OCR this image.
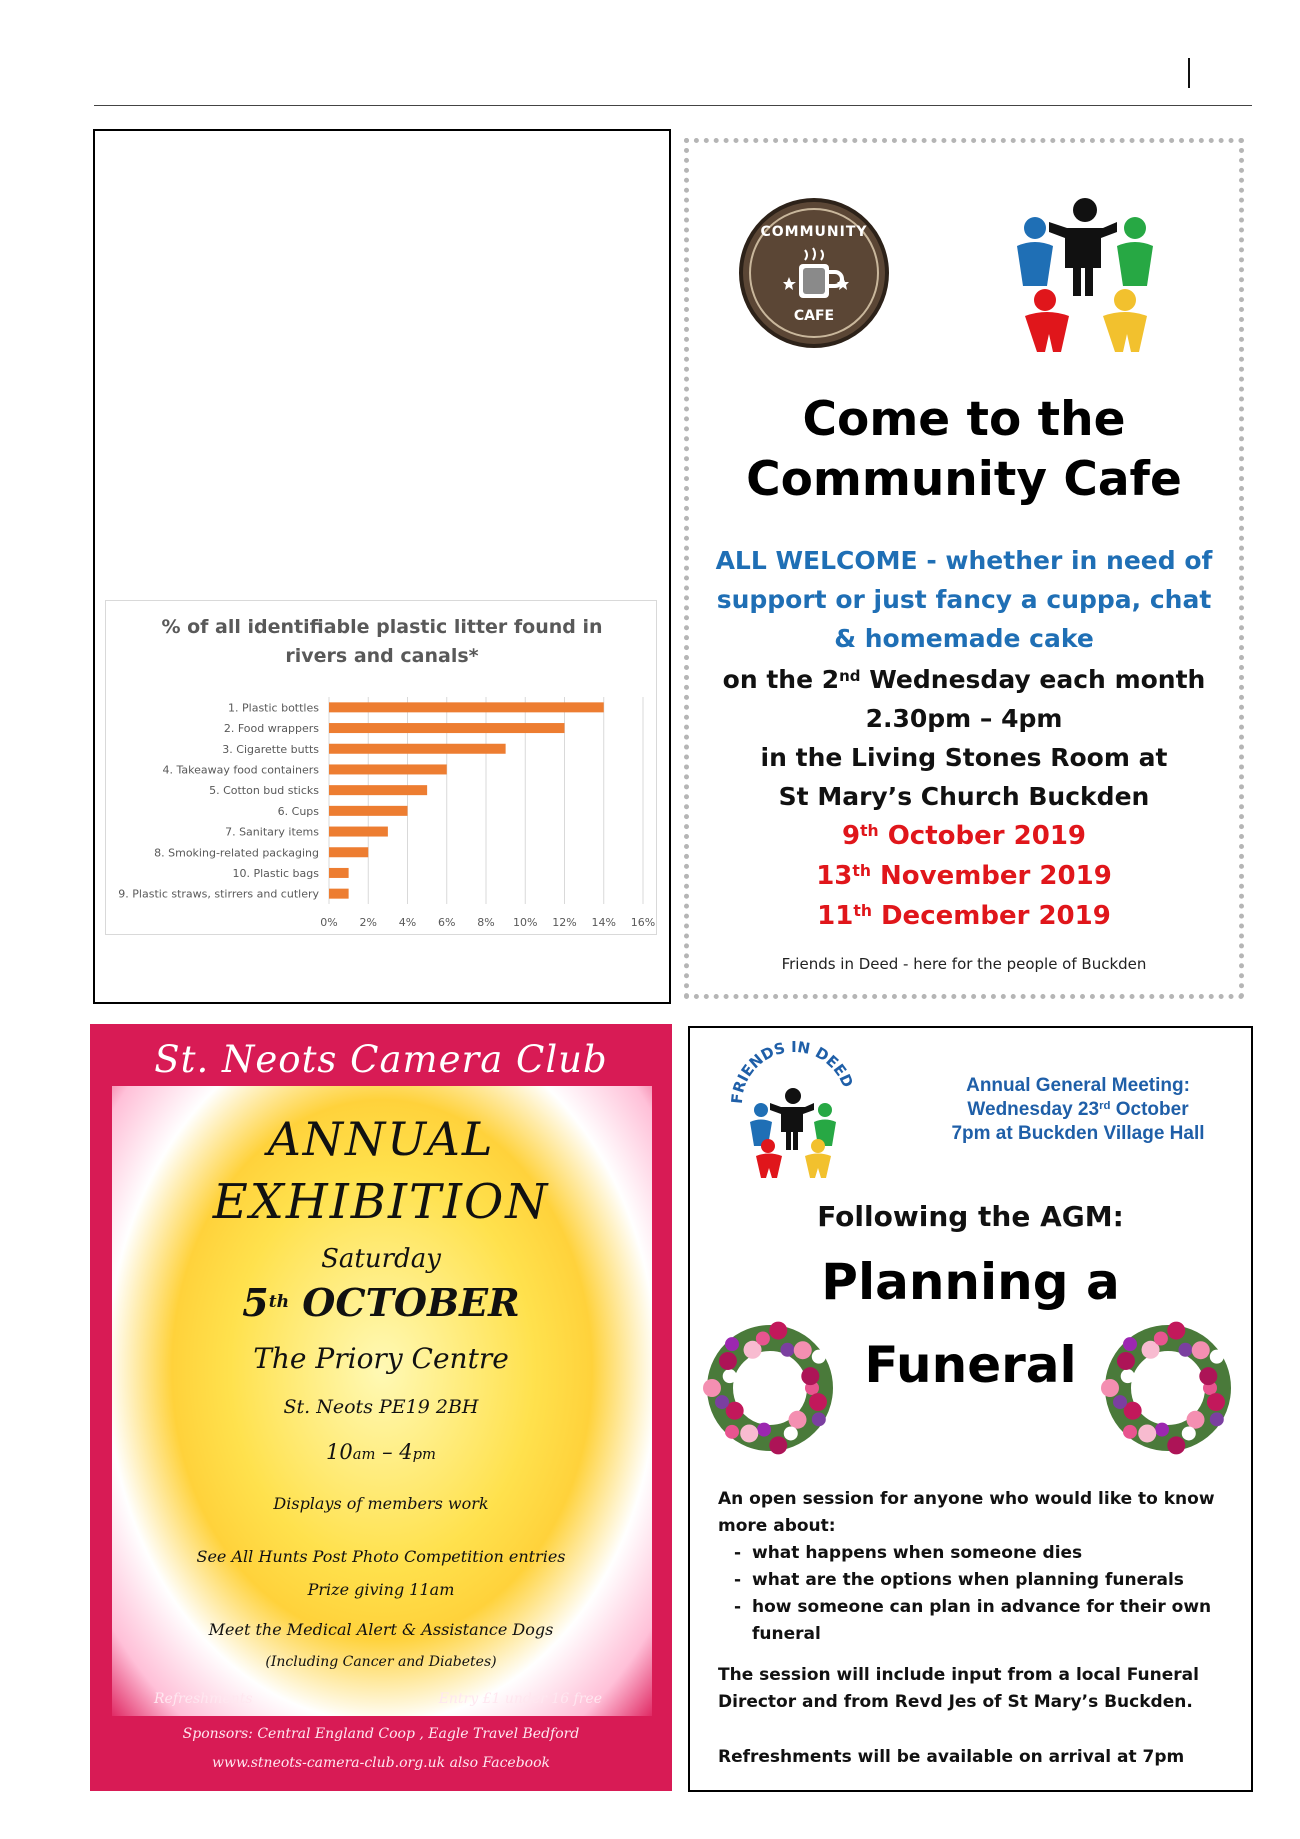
0% 2% 4% 6% 8% 10% 12% 14% 16%
1. Plastic bottles
2. Food wrappers
3. Cigarette butts
4. Takeaway food containers
5. Cotton bud sticks
6. Cups
7. Sanitary items
8. Smoking-related packaging
10. Plastic bags
9. Plastic straws, stirrers and cutlery
% of all identifiable plastic litter found in
rivers and canals*
COMMUNITY
CAFE
Come to the
Community Cafe
ALL WELCOME - whether in need of
support or just fancy a cuppa, chat
& homemade cake
on the 2nd Wednesday each month
2.30pm – 4pm
in the Living Stones Room at
St Mary’s Church Buckden
9th October 2019
13th November 2019
11th December 2019
Friends in Deed - here for the people of Buckden
St. Neots Camera Club
ANNUAL
EXHIBITION
Saturday
5th OCTOBER
The Priory Centre
St. Neots PE19 2BH
10am – 4pm
Displays of members work
See All Hunts Post Photo Competition entries
Prize giving 11am
Meet the Medical Alert & Assistance Dogs
(Including Cancer and Diabetes)
Refreshments	Entry £1 under 16 free
Sponsors: Central England Coop , Eagle Travel Bedford
www.stneots-camera-club.org.uk also Facebook
FRIENDS IN DEED	Annual General Meeting:
Wednesday 23rd October
7pm at Buckden Village Hall
Following the AGM:
Planning a
Funeral

An open session for anyone who would like to know more about:

- what happens when someone dies
- what are the options when planning funerals
- how someone can plan in advance for their own funeral

The session will include input from a local Funeral Director and from Revd Jes of St Mary’s Buckden.

Refreshments will be available on arrival at 7pm
